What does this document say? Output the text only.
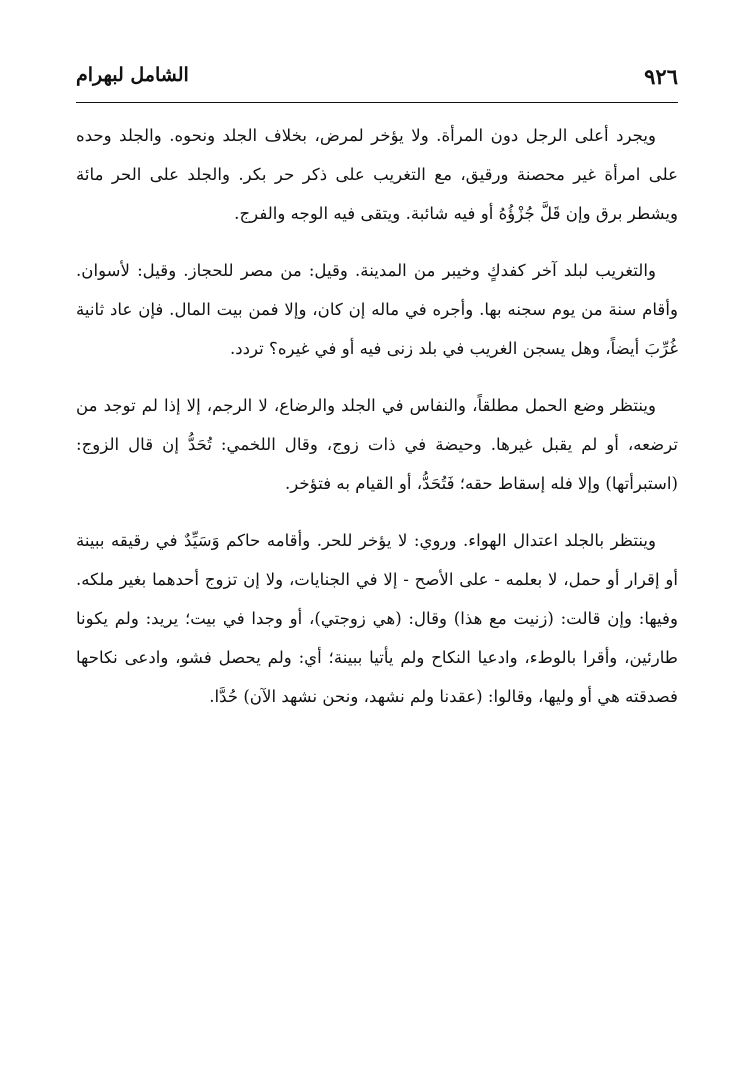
٩٢٦
الشامل لبهرام

ويجرد أعلى الرجل دون المرأة. ولا يؤخر لمرض، بخلاف الجلد ونحوه. والجلد وحده على امرأة غير محصنة ورقيق، مع التغريب على ذكر حر بكر. والجلد على الحر مائة ويشطر برق وإن قَلَّ جُزْؤُهُ أو فيه شائبة. ويتقى فيه الوجه والفرج.

والتغريب لبلد آخر كفدكٍ وخيبر من المدينة. وقيل: من مصر للحجاز. وقيل: لأسوان. وأقام سنة من يوم سجنه بها. وأجره في ماله إن كان، وإلا فمن بيت المال. فإن عاد ثانية غُرِّبَ أيضاً، وهل يسجن الغريب في بلد زنى فيه أو في غيره؟ تردد.

وينتظر وضع الحمل مطلقاً، والنفاس في الجلد والرضاع، لا الرجم، إلا إذا لم توجد من ترضعه، أو لم يقبل غيرها. وحيضة في ذات زوج، وقال اللخمي: تُحَدُّ إن قال الزوج: (استبرأتها) وإلا فله إسقاط حقه؛ فَتُحَدُّ، أو القيام به فتؤخر.

وينتظر بالجلد اعتدال الهواء. وروي: لا يؤخر للحر. وأقامه حاكم وَسَيِّدٌ في رقيقه ببينة أو إقرار أو حمل، لا بعلمه - على الأصح - إلا في الجنايات، ولا إن تزوج أحدهما بغير ملكه. وفيها: وإن قالت: (زنيت مع هذا) وقال: (هي زوجتي)، أو وجدا في بيت؛ يريد: ولم يكونا طارئين، وأقرا بالوطء، وادعيا النكاح ولم يأتيا ببينة؛ أي: ولم يحصل فشو، وادعى نكاحها فصدقته هي أو وليها، وقالوا: (عقدنا ولم نشهد، ونحن نشهد الآن) حُدَّا.
